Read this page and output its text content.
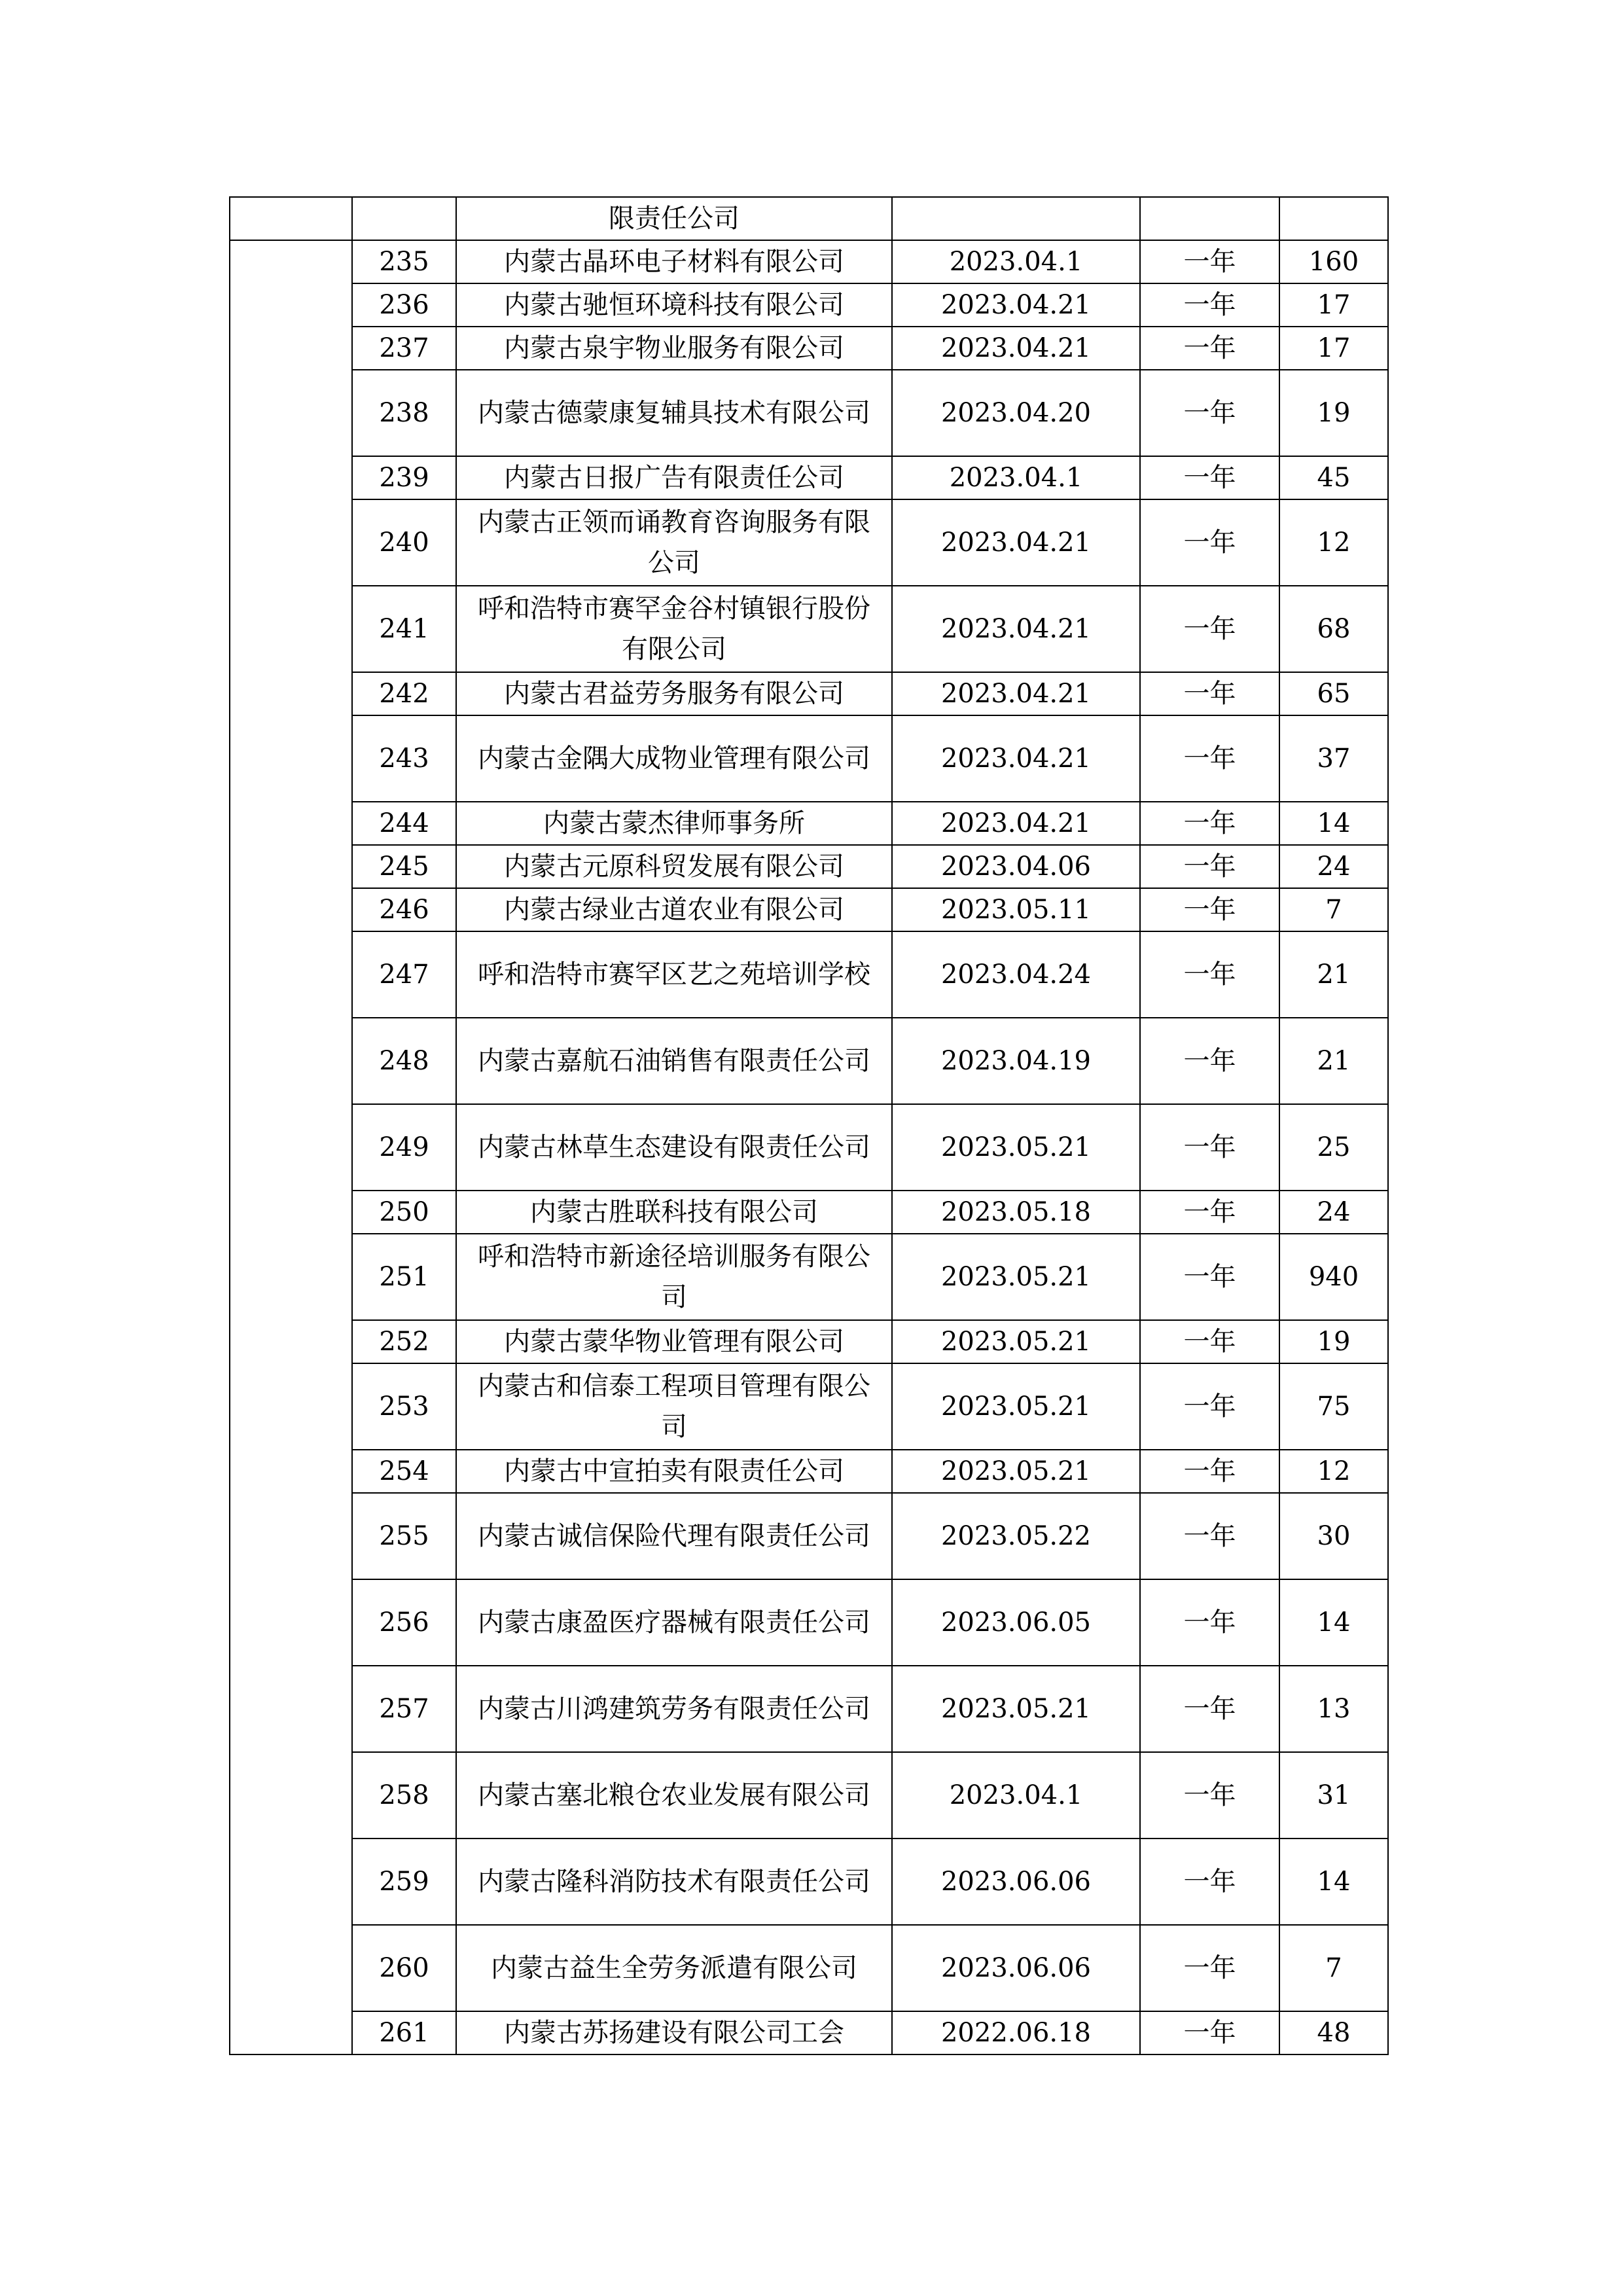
		限责任公司			
	235	内蒙古晶环电子材料有限公司	2023.04.1	一年	160
	236	内蒙古驰恒环境科技有限公司	2023.04.21	一年	17
	237	内蒙古泉宇物业服务有限公司	2023.04.21	一年	17
	238	内蒙古德蒙康复辅具技术有限公司	2023.04.20	一年	19
	239	内蒙古日报广告有限责任公司	2023.04.1	一年	45
	240	内蒙古正领而诵教育咨询服务有限公司	2023.04.21	一年	12
	241	呼和浩特市赛罕金谷村镇银行股份有限公司	2023.04.21	一年	68
	242	内蒙古君益劳务服务有限公司	2023.04.21	一年	65
	243	内蒙古金隅大成物业管理有限公司	2023.04.21	一年	37
	244	内蒙古蒙杰律师事务所	2023.04.21	一年	14
	245	内蒙古元原科贸发展有限公司	2023.04.06	一年	24
	246	内蒙古绿业古道农业有限公司	2023.05.11	一年	7
	247	呼和浩特市赛罕区艺之苑培训学校	2023.04.24	一年	21
	248	内蒙古嘉航石油销售有限责任公司	2023.04.19	一年	21
	249	内蒙古林草生态建设有限责任公司	2023.05.21	一年	25
	250	内蒙古胜联科技有限公司	2023.05.18	一年	24
	251	呼和浩特市新途径培训服务有限公司	2023.05.21	一年	940
	252	内蒙古蒙华物业管理有限公司	2023.05.21	一年	19
	253	内蒙古和信泰工程项目管理有限公司	2023.05.21	一年	75
	254	内蒙古中宣拍卖有限责任公司	2023.05.21	一年	12
	255	内蒙古诚信保险代理有限责任公司	2023.05.22	一年	30
	256	内蒙古康盈医疗器械有限责任公司	2023.06.05	一年	14
	257	内蒙古川鸿建筑劳务有限责任公司	2023.05.21	一年	13
	258	内蒙古塞北粮仓农业发展有限公司	2023.04.1	一年	31
	259	内蒙古隆科消防技术有限责任公司	2023.06.06	一年	14
	260	内蒙古益生全劳务派遣有限公司	2023.06.06	一年	7
	261	内蒙古苏扬建设有限公司工会	2022.06.18	一年	48
